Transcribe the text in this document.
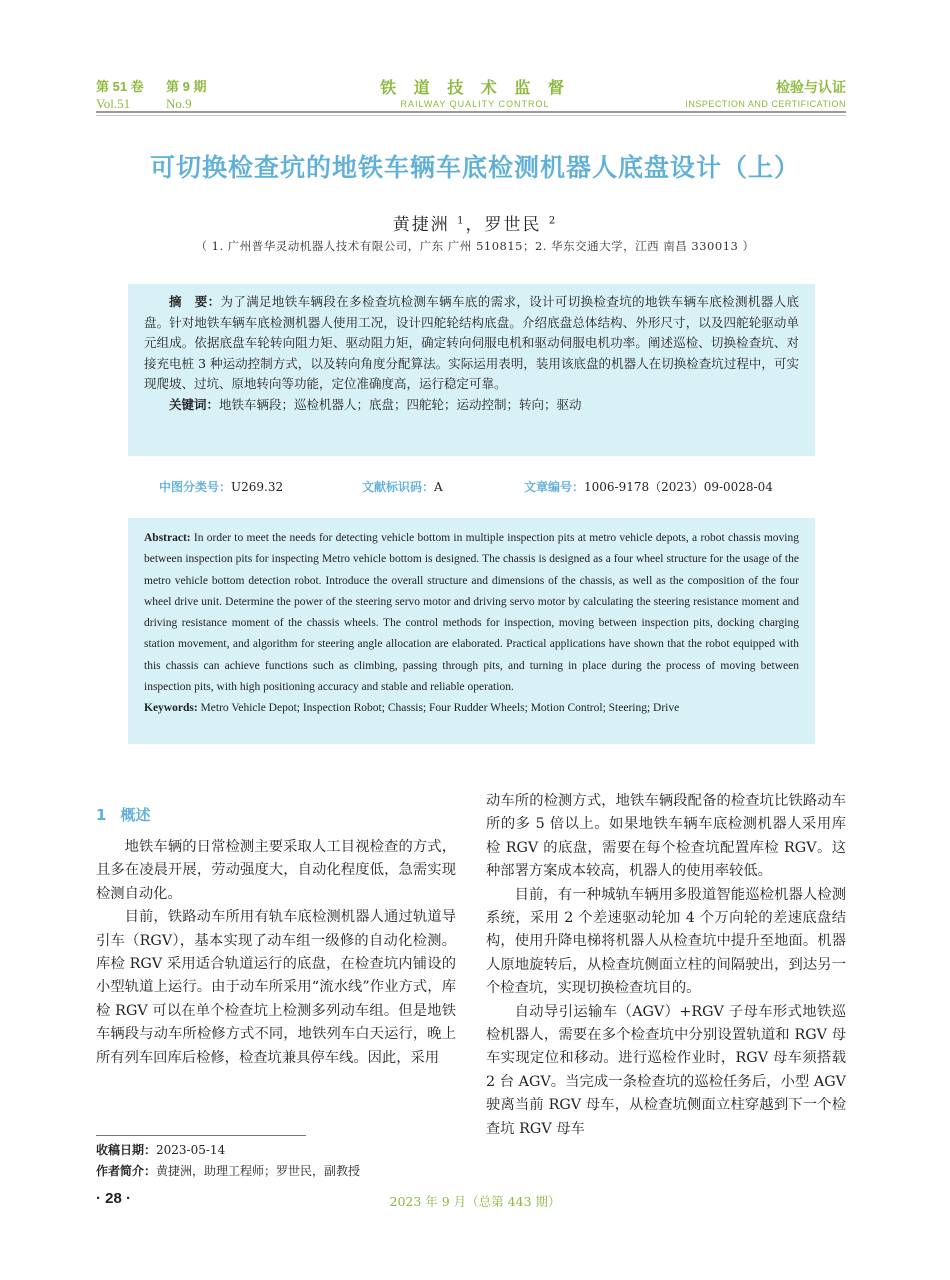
第 51 卷 第 9 期
Vol.51	No.9
铁 道 技 术 监 督
RAILWAY QUALITY CONTROL
检验与认证
INSPECTION AND CERTIFICATION
可切换检查坑的地铁车辆车底检测机器人底盘设计（上）
黄捷洲 $^1$，罗世民 $^2$
（ 1. 广州普华灵动机器人技术有限公司，广东 广州 510815；2. 华东交通大学，江西 南昌 330013 ）

摘　要：为了满足地铁车辆段在多检查坑检测车辆车底的需求，设计可切换检查坑的地铁车辆车底检测机器人底盘。针对地铁车辆车底检测机器人使用工况，设计四舵轮结构底盘。介绍底盘总体结构、外形尺寸，以及四舵轮驱动单元组成。依据底盘车轮转向阻力矩、驱动阻力矩，确定转向伺服电机和驱动伺服电机功率。阐述巡检、切换检查坑、对接充电桩 3 种运动控制方式，以及转向角度分配算法。实际运用表明，装用该底盘的机器人在切换检查坑过程中，可实现爬坡、过坑、原地转向等功能，定位准确度高，运行稳定可靠。

关键词：地铁车辆段；巡检机器人；底盘；四舵轮；运动控制；转向；驱动

中图分类号：U269.32	文献标识码：A	文章编号：1006-9178（2023）09-0028-04

Abstract: In order to meet the needs for detecting vehicle bottom in multiple inspection pits at metro vehicle depots, a robot chassis moving between inspection pits for inspecting Metro vehicle bottom is designed. The chassis is designed as a four wheel structure for the usage of the metro vehicle bottom detection robot. Introduce the overall structure and dimensions of the chassis, as well as the composition of the four wheel drive unit. Determine the power of the steering servo motor and driving servo motor by calculating the steering resistance moment and driving resistance moment of the chassis wheels. The control methods for inspection, moving between inspection pits, docking charging station movement, and algorithm for steering angle allocation are elaborated. Practical applications have shown that the robot equipped with this chassis can achieve functions such as climbing, passing through pits, and turning in place during the process of moving between inspection pits, with high positioning accuracy and stable and reliable operation.

Keywords: Metro Vehicle Depot; Inspection Robot; Chassis; Four Rudder Wheels; Motion Control; Steering; Drive

1 概述

地铁车辆的日常检测主要采取人工目视检查的方式，且多在凌晨开展，劳动强度大，自动化程度低，急需实现检测自动化。

目前，铁路动车所用有轨车底检测机器人通过轨道导引车（RGV），基本实现了动车组一级修的自动化检测。库检 RGV 采用适合轨道运行的底盘，在检查坑内铺设的小型轨道上运行。由于动车所采用“流水线”作业方式，库检 RGV 可以在单个检查坑上检测多列动车组。但是地铁车辆段与动车所检修方式不同，地铁列车白天运行，晚上所有列车回库后检修，检查坑兼具停车线。因此，采用

动车所的检测方式，地铁车辆段配备的检查坑比铁路动车所的多 5 倍以上。如果地铁车辆车底检测机器人采用库检 RGV 的底盘，需要在每个检查坑配置库检 RGV。这种部署方案成本较高，机器人的使用率较低。

目前，有一种城轨车辆用多股道智能巡检机器人检测系统，采用 2 个差速驱动轮加 4 个万向轮的差速底盘结构，使用升降电梯将机器人从检查坑中提升至地面。机器人原地旋转后，从检查坑侧面立柱的间隔驶出，到达另一个检查坑，实现切换检查坑目的。

自动导引运输车（AGV）+RGV 子母车形式地铁巡检机器人，需要在多个检查坑中分别设置轨道和 RGV 母车实现定位和移动。进行巡检作业时，RGV 母车须搭载 2 台 AGV。当完成一条检查坑的巡检任务后，小型 AGV 驶离当前 RGV 母车，从检查坑侧面立柱穿越到下一个检查坑 RGV 母车

收稿日期：2023-05-14
作者简介：黄捷洲，助理工程师；罗世民，副教授
· 28 ·	2023 年 9 月（总第 443 期）
